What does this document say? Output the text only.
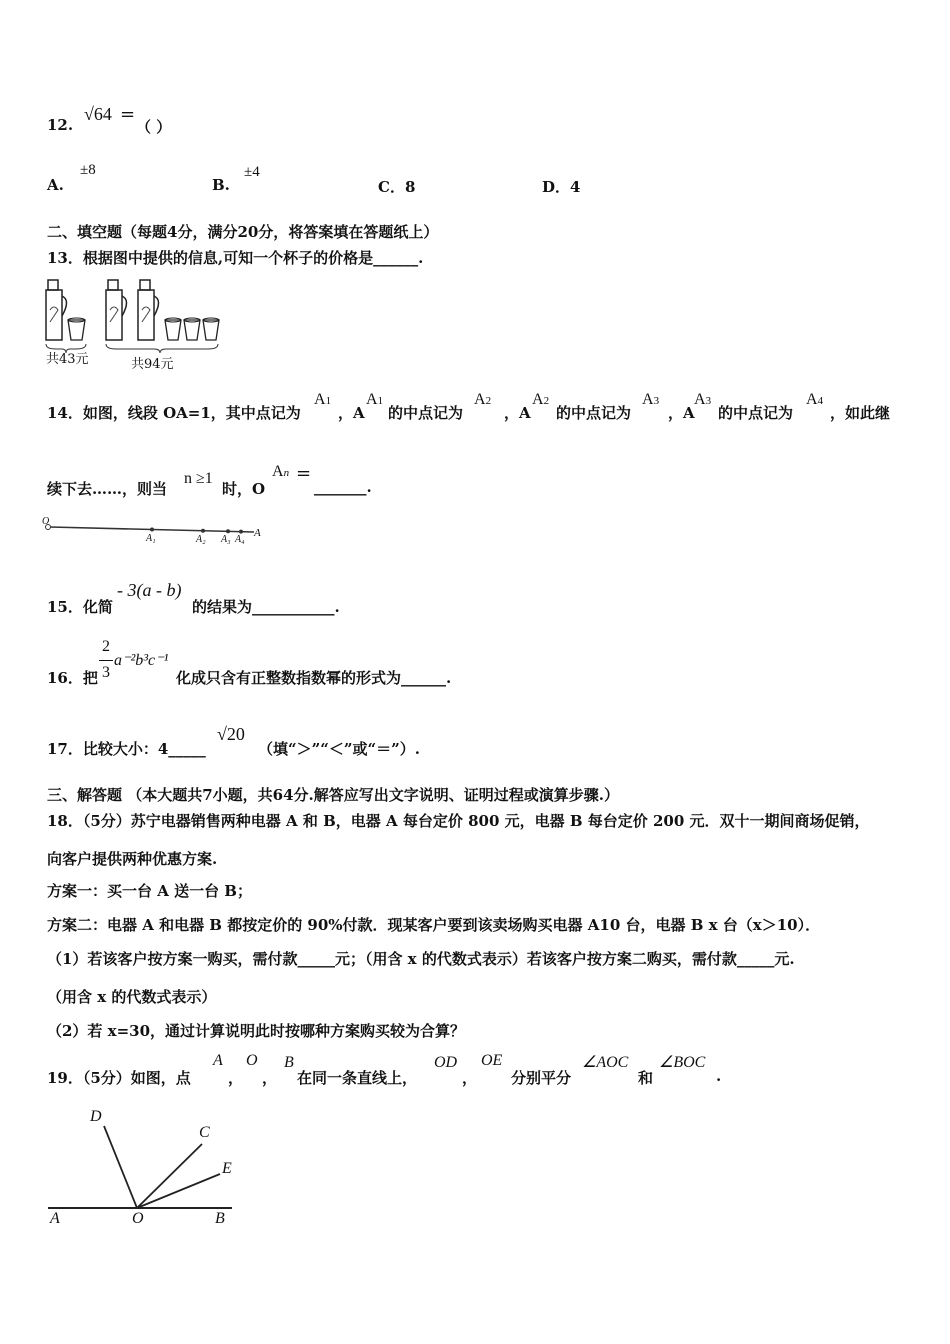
12.
√64 =
（ ）
A.
±8
B.
±4
C．8	D．4
二、填空题（每题4分，满分20分，将答案填在答题纸上）
13．根据图中提供的信息,可知一个杯子的价格是______.
共43元	共94元
14．如图，线段 OA=1，其中点记为
A1
，A
A1
的中点记为
A2
，A
A2
的中点记为
A3
，A
A3
的中点记为
A4
，如此继
续下去……，则当
n ≥1
时，O
An =
_______.
O
A₁	A₂ A₃ A₄
A
15．化简
- 3(a - b)
的结果为___________.
16．把
2
3
a⁻²b³c⁻¹
化成只含有正整数指数幂的形式为______.
17．比较大小：4_____
√20
（填“＞”“＜”或“＝”）.
三、解答题 （本大题共7小题，共64分.解答应写出文字说明、证明过程或演算步骤.）
18．（5分）苏宁电器销售两种电器 A 和 B，电器 A 每台定价 800 元，电器 B 每台定价 200 元．双十一期间商场促销，
向客户提供两种优惠方案.
方案一：买一台 A 送一台 B；
方案二：电器 A 和电器 B 都按定价的 90%付款．现某客户要到该卖场购买电器 A10 台，电器 B x 台（x＞10）．
（1）若该客户按方案一购买，需付款_____元；（用含 x 的代数式表示）若该客户按方案二购买，需付款_____元.
（用含 x 的代数式表示）
（2）若 x=30，通过计算说明此时按哪种方案购买较为合算？
19．（5分）如图，点
A
，
O
，
B
在同一条直线上，
OD
，
OE
分别平分
∠AOC
和
∠BOC
.
D
C
E
A	O	B
